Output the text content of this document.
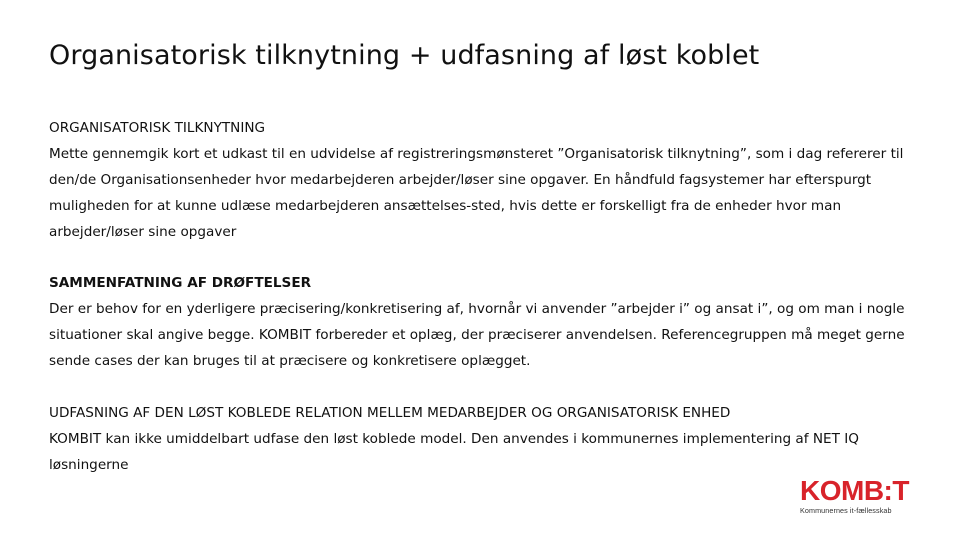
Organisatorisk tilknytning + udfasning af løst koblet
ORGANISATORISK TILKNYTNING
Mette gennemgik kort et udkast til en udvidelse af registreringsmønsteret ”Organisatorisk tilknytning”, som i dag refererer til den/de Organisationsenheder hvor medarbejderen arbejder/løser sine opgaver. En håndfuld fagsystemer har efterspurgt muligheden for at kunne udlæse medarbejderen ansættelses-sted, hvis dette er forskelligt fra de enheder hvor man arbejder/løser sine opgaver
SAMMENFATNING AF DRØFTELSER
Der er behov for en yderligere præcisering/konkretisering af, hvornår vi anvender ”arbejder i” og ansat i”, og om man i nogle situationer skal angive begge. KOMBIT forbereder et oplæg, der præciserer anvendelsen. Referencegruppen må meget gerne sende cases der kan bruges til at præcisere og konkretisere oplægget.
UDFASNING AF DEN LØST KOBLEDE RELATION MELLEM MEDARBEJDER OG ORGANISATORISK ENHED
KOMBIT kan ikke umiddelbart udfase den løst koblede model. Den anvendes i kommunernes implementering af NET IQ løsningerne
KOMB:T
Kommunernes it-fællesskab
